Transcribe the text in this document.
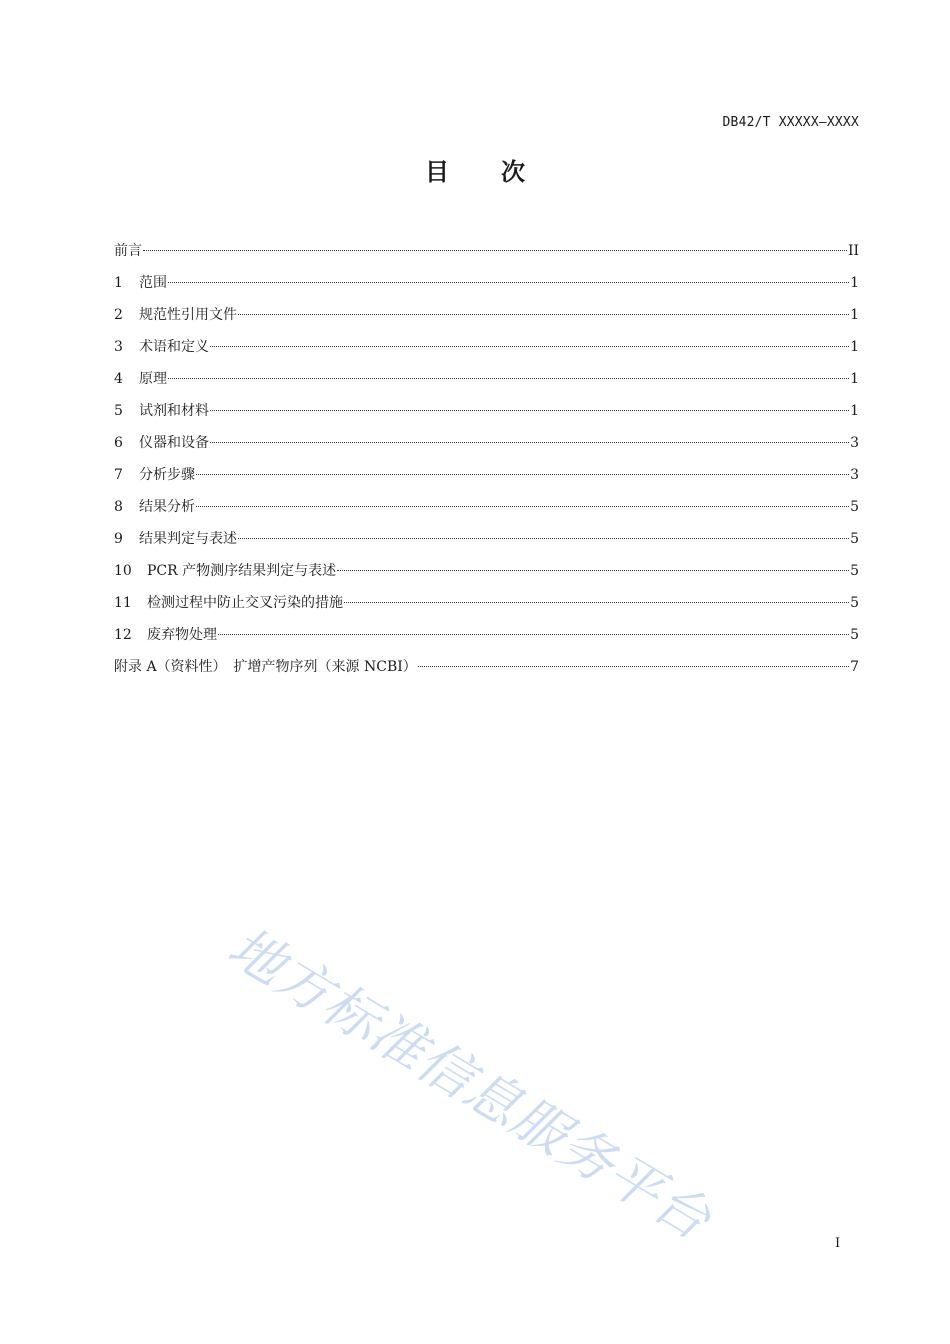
DB42/T XXXXX—XXXX
目次
前言	II
1	范围	1
2	规范性引用文件	1
3	术语和定义	1
4	原理	1
5	试剂和材料	1
6	仪器和设备	3
7	分析步骤	3
8	结果分析	5
9	结果判定与表述	5
10	PCR 产物测序结果判定与表述	5
11	检测过程中防止交叉污染的措施	5
12	废弃物处理	5
附录 A（资料性）　扩增产物序列（来源 NCBI）	7
地方标准信息服务平台	I
